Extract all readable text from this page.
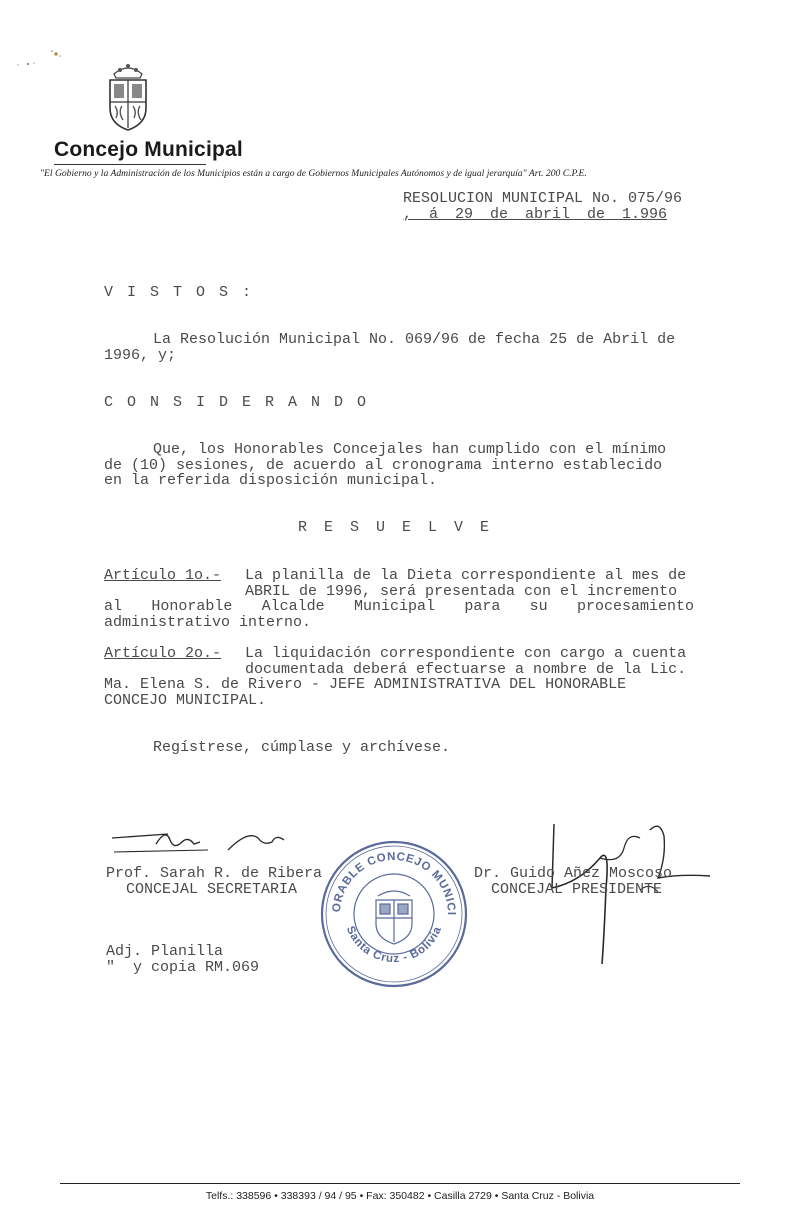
Concejo Municipal
"El Gobierno y la Administración de los Municipios están a cargo de Gobiernos Municipales Autónomos y de igual jerarquía" Art. 200 C.P.E.
RESOLUCION MUNICIPAL No. 075/96
, á 29 de abril de 1.996
VISTOS:
La Resolución Municipal No. 069/96 de fecha 25 de Abril de
1996, y;
CONSIDERANDO
Que, los Honorables Concejales han cumplido con el mínimo
de (10) sesiones, de acuerdo al cronograma interno establecido
en la referida disposición municipal.
RESUELVE
Artículo 1o.- La planilla de la Dieta correspondiente al mes de
ABRIL de 1996, será presentada con el incremento
al Honorable Alcalde Municipal para su procesamiento
administrativo interno.
Artículo 2o.- La liquidación correspondiente con cargo a cuenta
documentada deberá efectuarse a nombre de la Lic.
Ma. Elena S. de Rivero - JEFE ADMINISTRATIVA DEL HONORABLE
CONCEJO MUNICIPAL.
Regístrese, cúmplase y archívese.
Prof. Sarah R. de Ribera
CONCEJAL SECRETARIA
Dr. Guido Añez Moscoso
CONCEJAL PRESIDENTE
Adj. Planilla
"  y copia RM.069
ORABLE CONCEJO MUNICI
Santa Cruz - Bolivia
Telfs.: 338596 • 338393 / 94 / 95 • Fax: 350482 • Casilla 2729 • Santa Cruz - Bolivia
